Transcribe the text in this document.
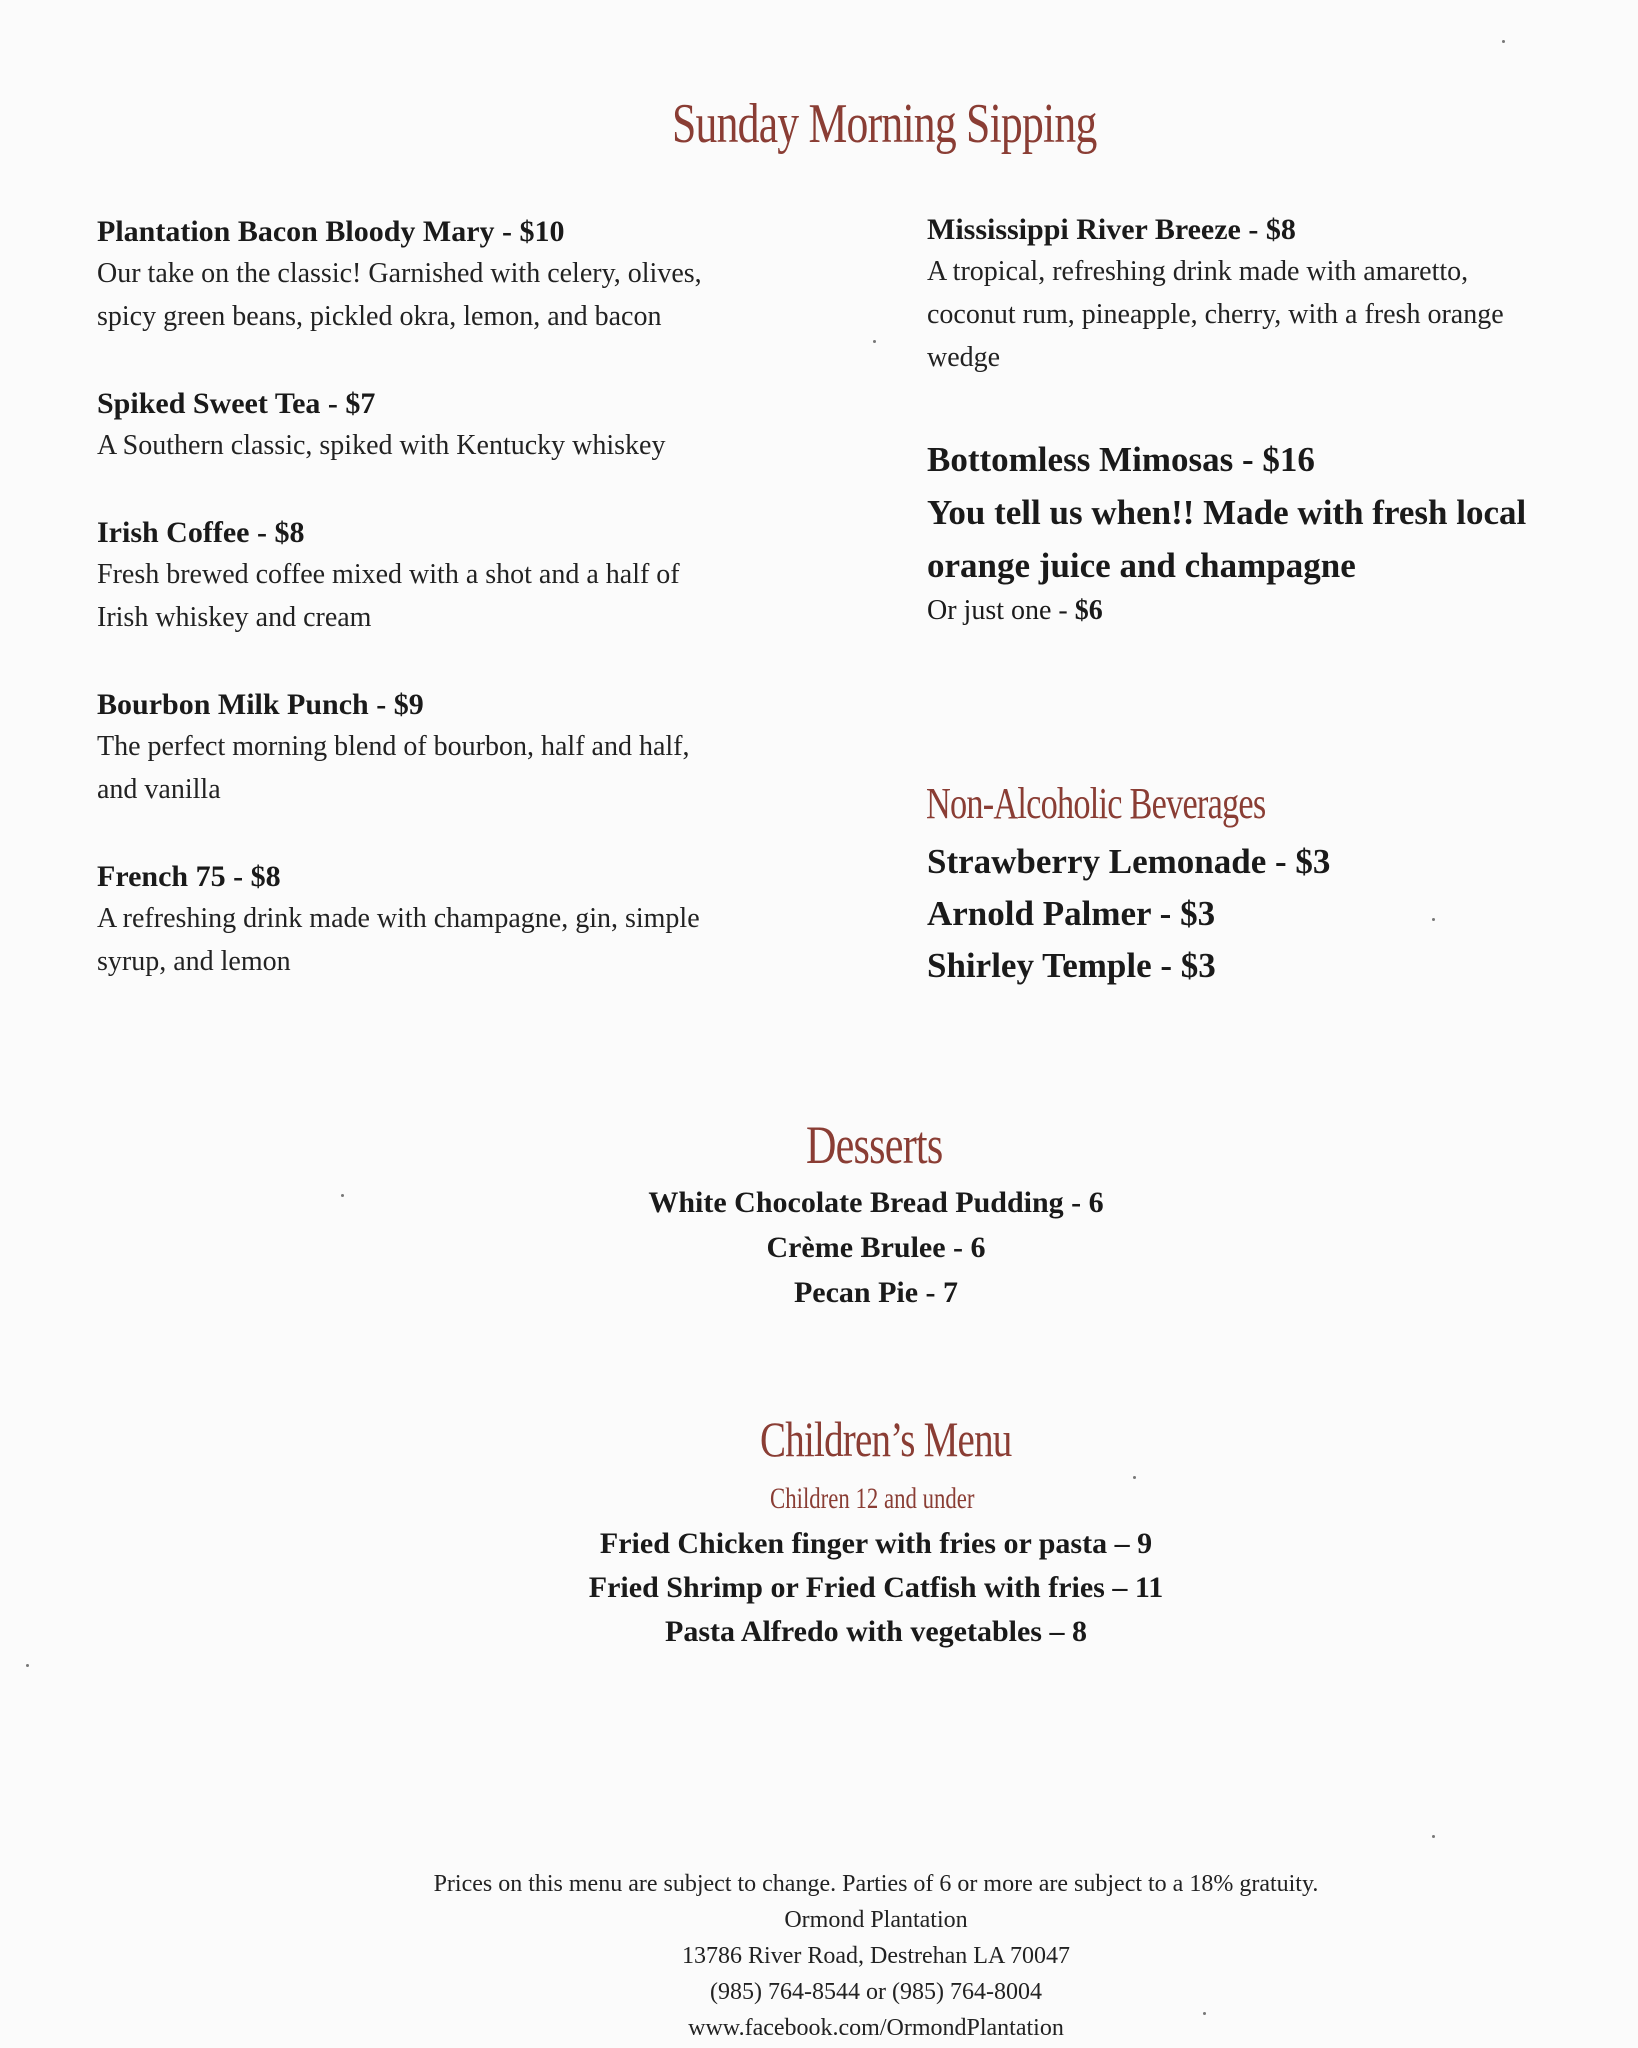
Sunday Morning Sipping
Plantation Bacon Bloody Mary - $10
Our take on the classic! Garnished with celery, olives,
spicy green beans, pickled okra, lemon, and bacon
Spiked Sweet Tea - $7
A Southern classic, spiked with Kentucky whiskey
Irish Coffee - $8
Fresh brewed coffee mixed with a shot and a half of
Irish whiskey and cream
Bourbon Milk Punch - $9
The perfect morning blend of bourbon, half and half,
and vanilla
French 75 - $8
A refreshing drink made with champagne, gin, simple
syrup, and lemon
Mississippi River Breeze - $8
A tropical, refreshing drink made with amaretto,
coconut rum, pineapple, cherry, with a fresh orange
wedge
Bottomless Mimosas - $16
You tell us when!! Made with fresh local
orange juice and champagne
Or just one - $6
Non-Alcoholic Beverages
Strawberry Lemonade - $3
Arnold Palmer - $3
Shirley Temple - $3
Desserts
White Chocolate Bread Pudding - 6
Crème Brulee - 6
Pecan Pie - 7
Children’s Menu
Children 12 and under
Fried Chicken finger with fries or pasta – 9
Fried Shrimp or Fried Catfish with fries – 11
Pasta Alfredo with vegetables – 8
Prices on this menu are subject to change. Parties of 6 or more are subject to a 18% gratuity.
Ormond Plantation
13786 River Road, Destrehan LA 70047
(985) 764-8544 or (985) 764-8004
www.facebook.com/OrmondPlantation
